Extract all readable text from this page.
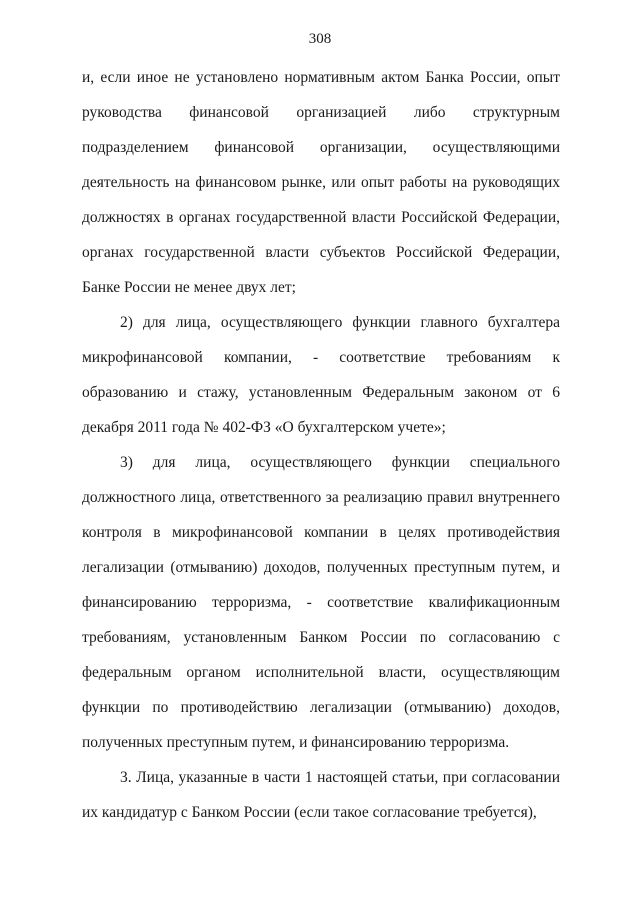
308

и, если иное не установлено нормативным актом Банка России, опыт руководства финансовой организацией либо структурным подразделением финансовой организации, осуществляющими деятельность на финансовом рынке, или опыт работы на руководящих должностях в органах государственной власти Российской Федерации, органах государственной власти субъектов Российской Федерации, Банке России не менее двух лет;

2) для лица, осуществляющего функции главного бухгалтера микрофинансовой компании, - соответствие требованиям к образованию и стажу, установленным Федеральным законом от 6 декабря 2011 года № 402-ФЗ «О бухгалтерском учете»;

3) для лица, осуществляющего функции специального должностного лица, ответственного за реализацию правил внутреннего контроля в микрофинансовой компании в целях противодействия легализации (отмыванию) доходов, полученных преступным путем, и финансированию терроризма, - соответствие квалификационным требованиям, установленным Банком России по согласованию с федеральным органом исполнительной власти, осуществляющим функции по противодействию легализации (отмыванию) доходов, полученных преступным путем, и финансированию терроризма.

3. Лица, указанные в части 1 настоящей статьи, при согласовании их кандидатур с Банком России (если такое согласование требуется),
